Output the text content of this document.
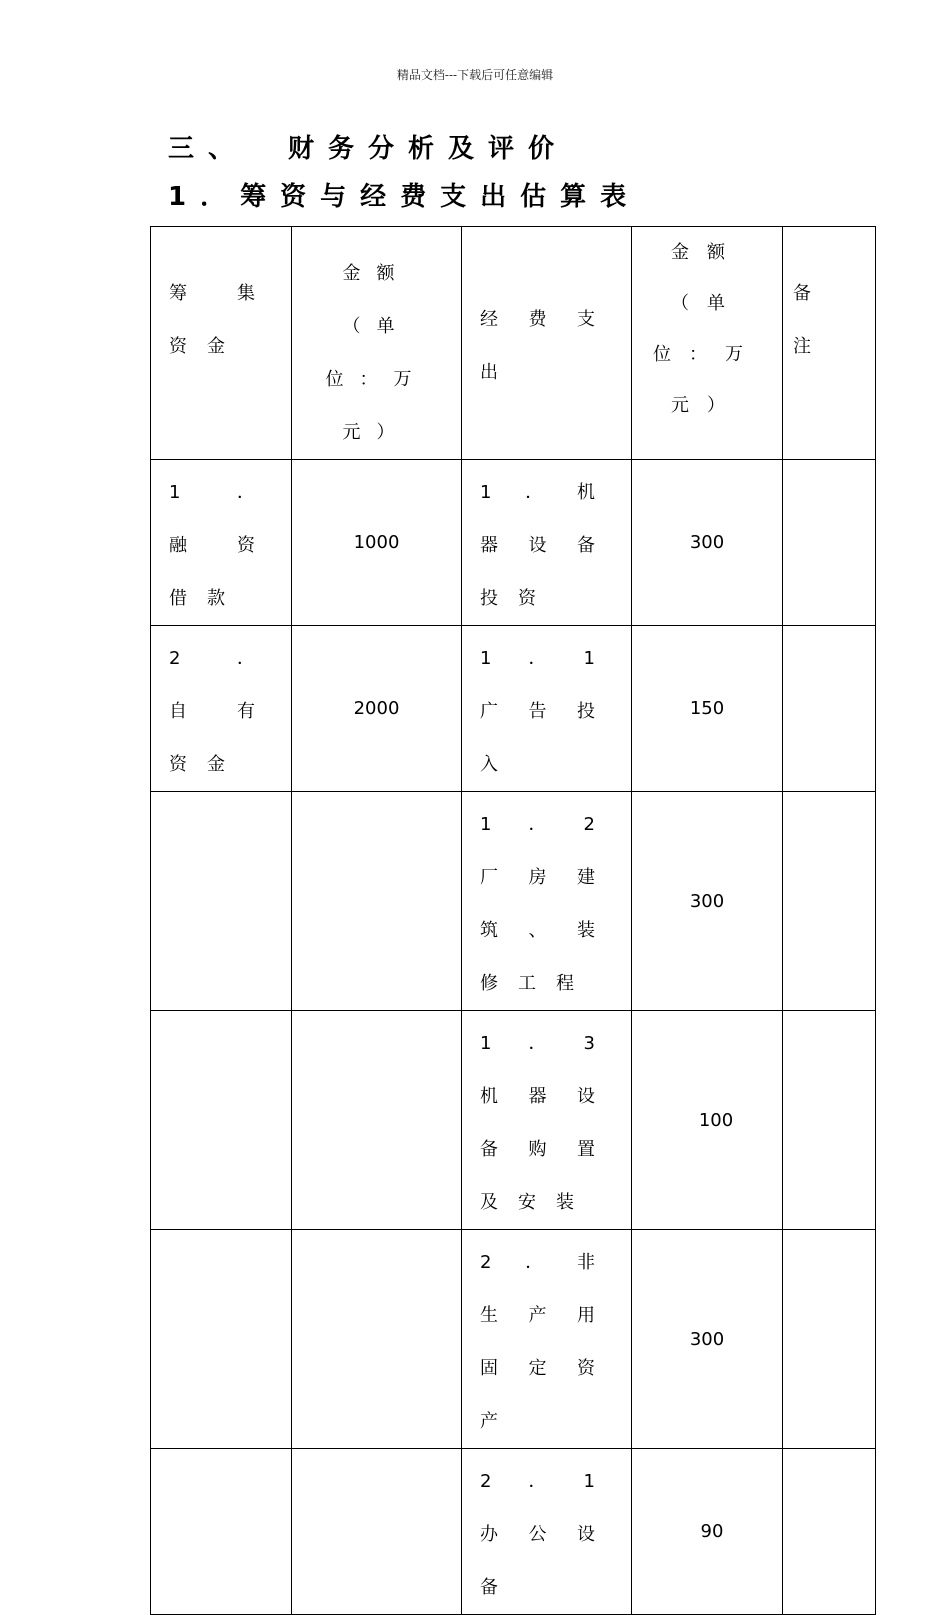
精品文档---下载后可任意编辑
三、 财务分析及评价
1．筹资与经费支出估算表
筹集资金	金额（单位：万元）	经费支出	金额（单位：万元）	备注

1．融资借款	1000	1．机器设备投资	300	

2．自有资金	2000	1．1广告投入	150	

		1．2厂房建筑、装修工程	300	

		1．3机器设备购置及安装	100	

		2．非生产用固定资产	300	

		2．1办公设备	90	
